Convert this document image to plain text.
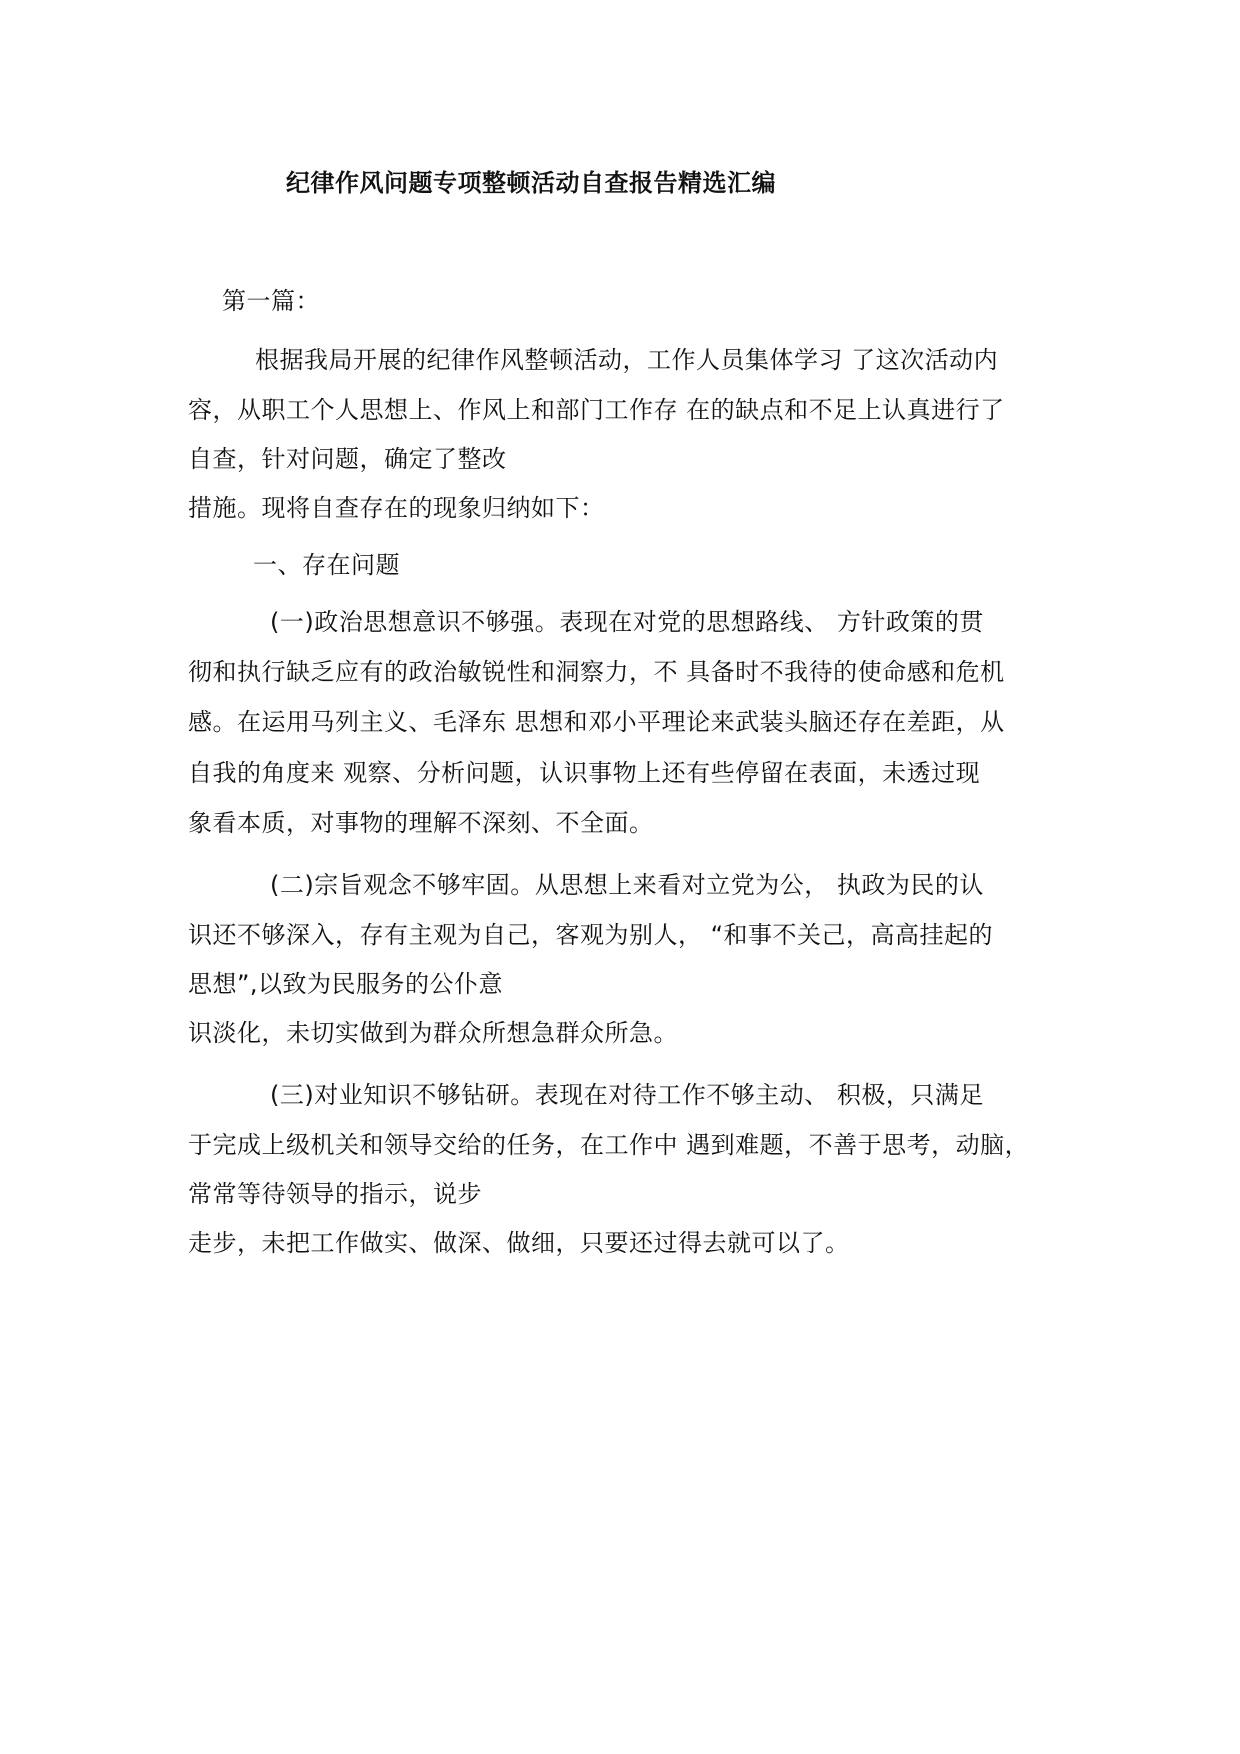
纪律作风问题专项整顿活动自查报告精选汇编
第一篇：
根据我局开展的纪律作风整顿活动，工作人员集体学习 了这次活动内
容，从职工个人思想上、作风上和部门工作存 在的缺点和不足上认真进行了
自查，针对问题，确定了整改
措施。现将自查存在的现象归纳如下：
一、存在问题
(一)政治思想意识不够强。表现在对党的思想路线、 方针政策的贯
彻和执行缺乏应有的政治敏锐性和洞察力，不 具备时不我待的使命感和危机
感。在运用马列主义、毛泽东 思想和邓小平理论来武装头脑还存在差距，从
自我的角度来 观察、分析问题，认识事物上还有些停留在表面，未透过现
象看本质，对事物的理解不深刻、不全面。
(二)宗旨观念不够牢固。从思想上来看对立党为公， 执政为民的认
识还不够深入，存有主观为自己，客观为别人， “和事不关己，高高挂起的
思想”,以致为民服务的公仆意
识淡化，未切实做到为群众所想急群众所急。
(三)对业知识不够钻研。表现在对待工作不够主动、 积极，只满足
于完成上级机关和领导交给的任务，在工作中 遇到难题，不善于思考，动脑，
常常等待领导的指示，说步
走步，未把工作做实、做深、做细，只要还过得去就可以了。
